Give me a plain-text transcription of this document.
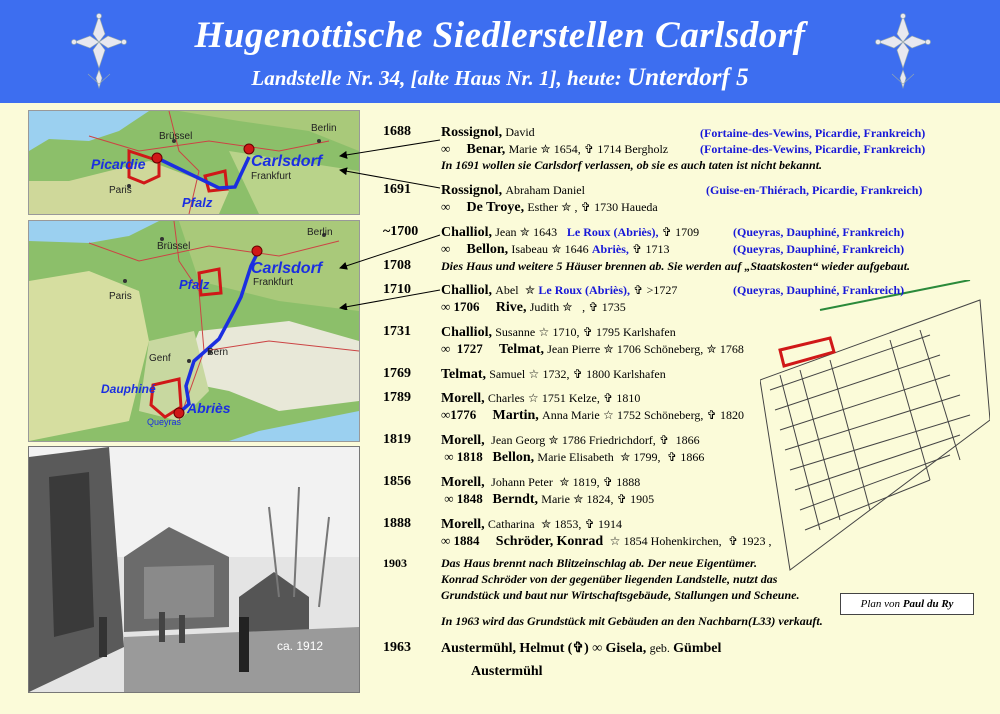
Hugenottische Siedlerstellen Carlsdorf
Landstelle Nr. 34, [alte Haus Nr. 1], heute: Unterdorf 5
Brüssel
Berlin
Paris
Picardie	Carlsdorf
Frankfurt
Pfalz
Brüssel
Berlin
Paris
Carlsdorf
Frankfurt
Pfalz
Genf
Bern
Dauphiné
Abriès
Queyras
ca. 1912
Plan von Paul du Ry
1688 Rossignol, David	(Fortaine-des-Vewins, Picardie, Frankreich)
∞ Benar, Marie ✮ 1654, ✞ 1714 Bergholz	(Fortaine-des-Vewins, Picardie, Frankreich)
In 1691 wollen sie Carlsdorf verlassen, ob sie es auch taten ist nicht bekannt.
1691 Rossignol, Abraham Daniel	(Guise-en-Thiérach, Picardie, Frankreich)
∞ De Troye, Esther ✮ , ✞ 1730 Haueda
~1700 Challiol, Jean ✮ 1643 Le Roux (Abriès), ✞ 1709	(Queyras, Dauphiné, Frankreich)
∞ Bellon, Isabeau ✮ 1646 Abriès, ✞ 1713	(Queyras, Dauphiné, Frankreich)
1708	Dies Haus und weitere 5 Häuser brennen ab. Sie werden auf „Staatskosten“ wieder aufgebaut.
1710 Challiol, Abel ✮ Le Roux (Abriès), ✞ >1727	(Queyras, Dauphiné, Frankreich)
∞ 1706 Rive, Judith ✮ , ✞ 1735
1731 Challiol, Susanne ☆ 1710, ✞ 1795 Karlshafen
∞ 1727 Telmat, Jean Pierre ✮ 1706 Schöneberg, ✮ 1768
1769 Telmat, Samuel ☆ 1732, ✞ 1800 Karlshafen
1789 Morell, Charles ☆ 1751 Kelze, ✞ 1810
∞1776 Martin, Anna Marie ☆ 1752 Schöneberg, ✞ 1820
1819 Morell, Jean Georg ✮ 1786 Friedrichdorf, ✞ 1866
∞ 1818 Bellon, Marie Elisabeth ✮ 1799, ✞ 1866
1856 Morell, Johann Peter ✮ 1819, ✞ 1888
∞ 1848 Berndt, Marie ✮ 1824, ✞ 1905
1888 Morell, Catharina ✮ 1853, ✞ 1914
∞ 1884 Schröder, Konrad ☆ 1854 Hohenkirchen, ✞ 1923 ,
1903	Das Haus brennt nach Blitzeinschlag ab. Der neue Eigentümer.
Konrad Schröder von der gegenüber liegenden Landstelle, nutzt das
Grundstück und baut nur Wirtschaftsgebäude, Stallungen und Scheune.
In 1963 wird das Grundstück mit Gebäuden an den Nachbarn(L33) verkauft.
1963 Austermühl, Helmut (✞) ∞ Gisela, geb. Gümbel
Austermühl
